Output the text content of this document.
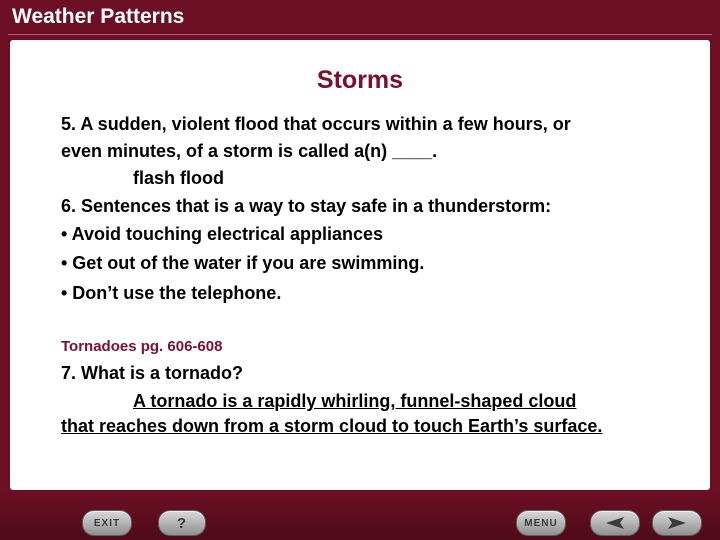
Weather Patterns
Storms
5. A sudden, violent flood that occurs within a few hours, or
even minutes, of a storm is called a(n) ____.
flash flood
6. Sentences that is a way to stay safe in a thunderstorm:
• Avoid touching electrical appliances
• Get out of the water if you are swimming.
• Don’t use the telephone.
Tornadoes pg. 606-608
7. What is a tornado?
A tornado is a rapidly whirling, funnel-shaped cloud
that reaches down from a storm cloud to touch Earth’s surface.
EXIT	?	MENU
